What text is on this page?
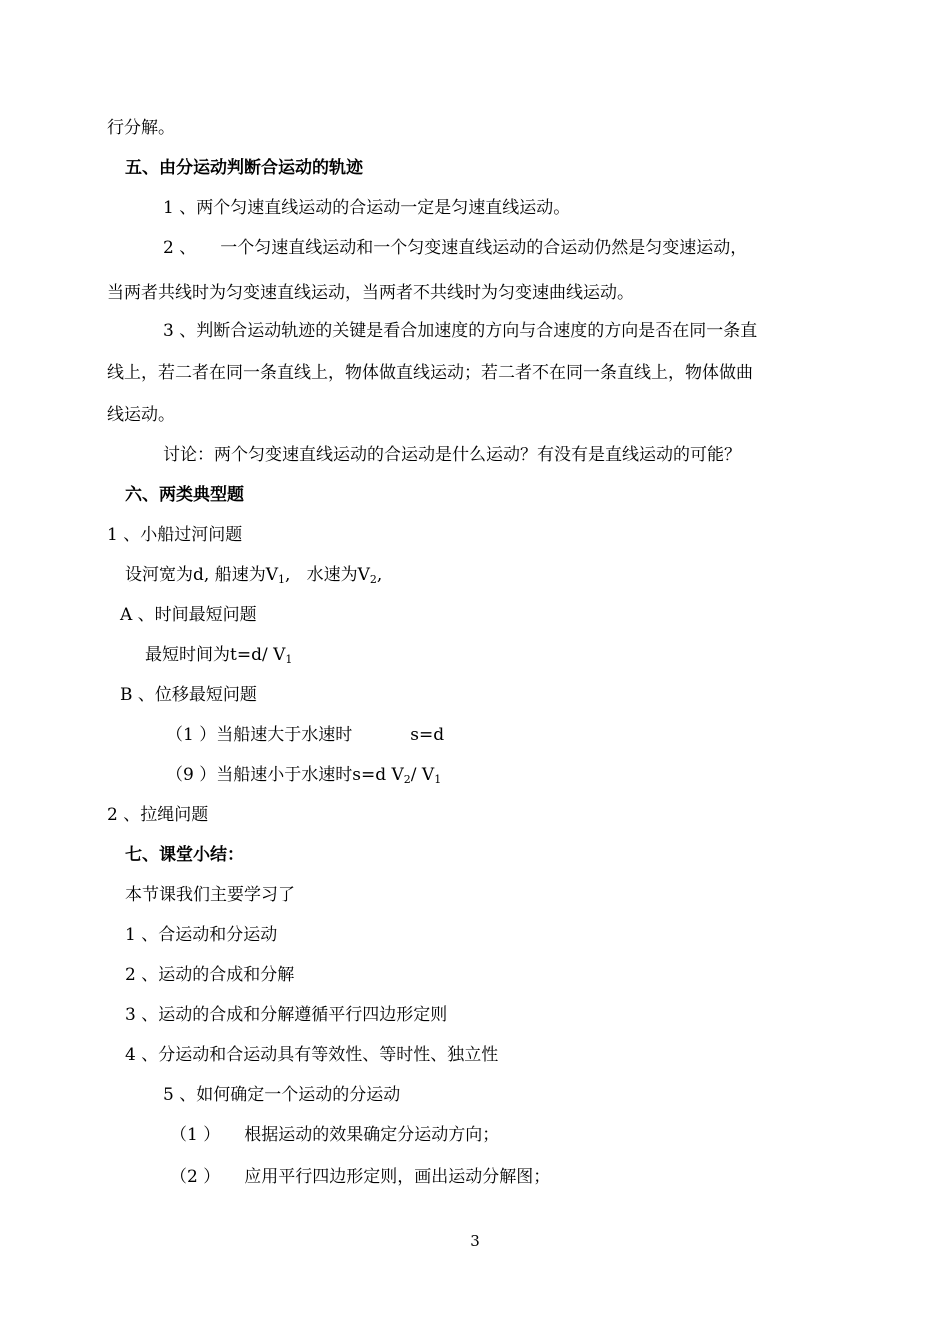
行分解。
五、由分运动判断合运动的轨迹
1 、两个匀速直线运动的合运动一定是匀速直线运动。
2 、 一个匀速直线运动和一个匀变速直线运动的合运动仍然是匀变速运动，
当两者共线时为匀变速直线运动，当两者不共线时为匀变速曲线运动。
3 、判断合运动轨迹的关键是看合加速度的方向与合速度的方向是否在同一条直
线上，若二者在同一条直线上，物体做直线运动；若二者不在同一条直线上，物体做曲
线运动。
讨论：两个匀变速直线运动的合运动是什么运动？有没有是直线运动的可能？
六、两类典型题
1 、小船过河问题
设河宽为d, 船速为$V_1$,   水速为$V_2$,
A 、时间最短问题
最短时间为t=d/ $V_1$
B 、位移最短问题
（1 ）当船速大于水速时	s=d
（9 ）当船速小于水速时s=d $V_2/$ $V_1$
2 、拉绳问题
七、课堂小结：
本节课我们主要学习了
1 、合运动和分运动
2 、运动的合成和分解
3 、运动的合成和分解遵循平行四边形定则
4 、分运动和合运动具有等效性、等时性、独立性
5 、如何确定一个运动的分运动
（1 ） 根据运动的效果确定分运动方向；
（2 ） 应用平行四边形定则，画出运动分解图；
3
